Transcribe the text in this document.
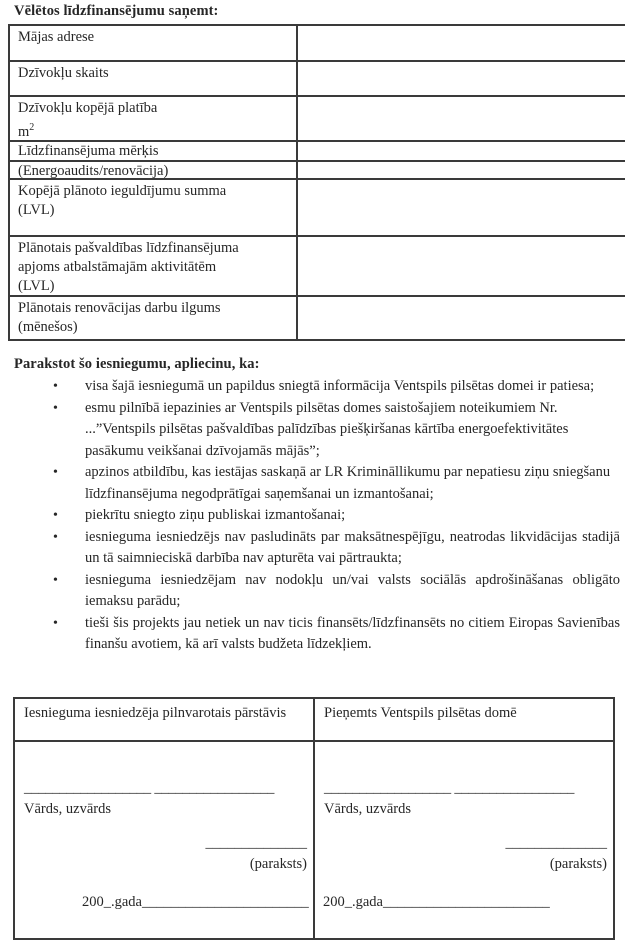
Vēlētos līdzfinansējumu saņemt:
Mājas adrese
Dzīvokļu skaits
Dzīvokļu kopējā platība
$m^2$
Līdzfinansējuma mērķis
(Energoaudits/renovācija)
Kopējā plānoto ieguldījumu summa
(LVL)
Plānotais pašvaldības līdzfinansējuma
apjoms atbalstāmajām aktivitātēm
(LVL)
Plānotais renovācijas darbu ilgums
(mēnešos)
Parakstot šo iesniegumu, apliecinu, ka:
• visa šajā iesniegumā un papildus sniegtā informācija Ventspils pilsētas domei ir patiesa;
• esmu pilnībā iepazinies ar Ventspils pilsētas domes saistošajiem noteikumiem Nr. ...”Ventspils pilsētas pašvaldības palīdzības piešķiršanas kārtība energoefektivitātes pasākumu veikšanai dzīvojamās mājās”;
• apzinos atbildību, kas iestājas saskaņā ar LR Krimināllikumu par nepatiesu ziņu sniegšanu līdzfinansējuma negodprātīgai saņemšanai un izmantošanai;
• piekrītu sniegto ziņu publiskai izmantošanai;
• iesnieguma iesniedzējs nav pasludināts par maksātnespējīgu, neatrodas likvidācijas stadijā un tā saimnieciskā darbība nav apturēta vai pārtraukta;
• iesnieguma iesniedzējam nav nodokļu un/vai valsts sociālās apdrošināšanas obligāto iemaksu parādu;
• tieši šis projekts jau netiek un nav ticis finansēts/līdzfinansēts no citiem Eiropas Savienības finanšu avotiem, kā arī valsts budžeta līdzekļiem.
Iesnieguma iesniedzēja pilnvarotais pārstāvis	Pieņemts Ventspils pilsētas domē
__________________ _________________
Vārds, uzvārds
______________
(paraksts)
200_.gada_______________________
__________________ _________________
Vārds, uzvārds
______________
(paraksts)
200_.gada_______________________
